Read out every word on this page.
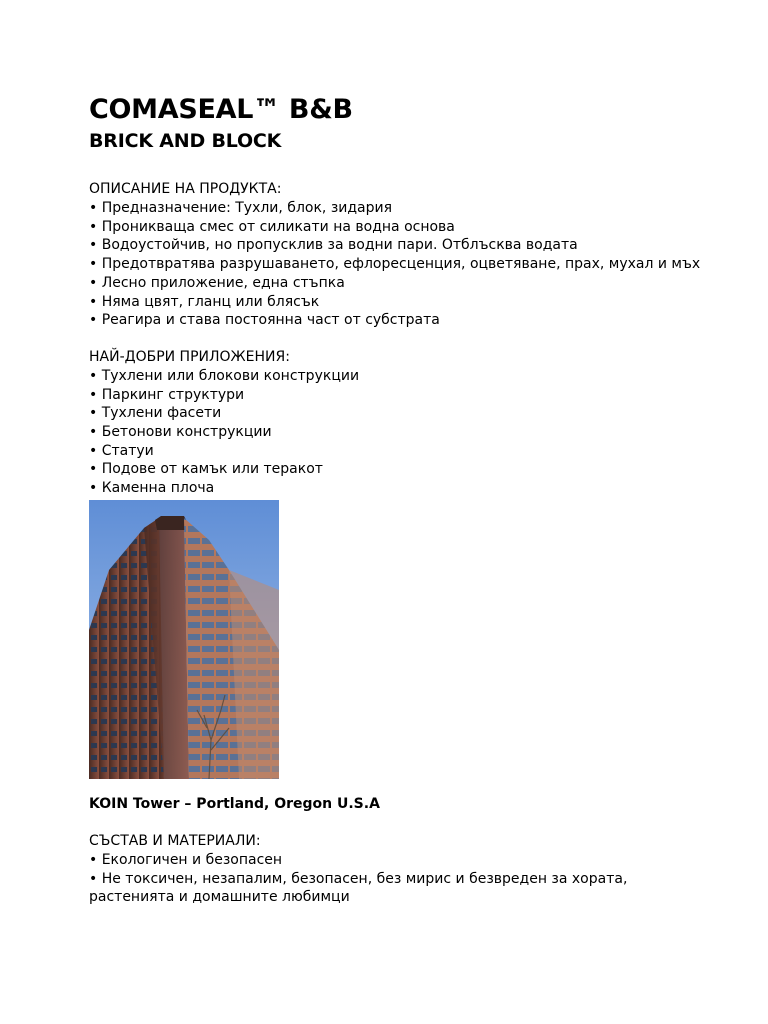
COMASEAL™ B&B
BRICK AND BLOCK

ОПИСАНИЕ НА ПРОДУКТА:

• Предназначение: Тухли, блок, зидария
• Проникваща смес от силикати на водна основа
• Водоустойчив, но пропусклив за водни пари. Отблъсква водата
• Предотвратява разрушаването, ефлоресценция, оцветяване, прах, мухал и мъх
• Лесно приложение, една стъпка
• Няма цвят, гланц или блясък
• Реагира и става постоянна част от субстрата

НАЙ-ДОБРИ ПРИЛОЖЕНИЯ:

• Тухлени или блокови конструкции
• Паркинг структури
• Тухлени фасети
• Бетонови конструкции
• Статуи
• Подове от камък или теракот
• Каменна плоча

KOIN Tower – Portland, Oregon U.S.A

СЪСТАВ И МАТЕРИАЛИ:

• Екологичен и безопасен
• Не токсичен, незапалим, безопасен, без мирис и безвреден за хората, растенията и домашните любимци
